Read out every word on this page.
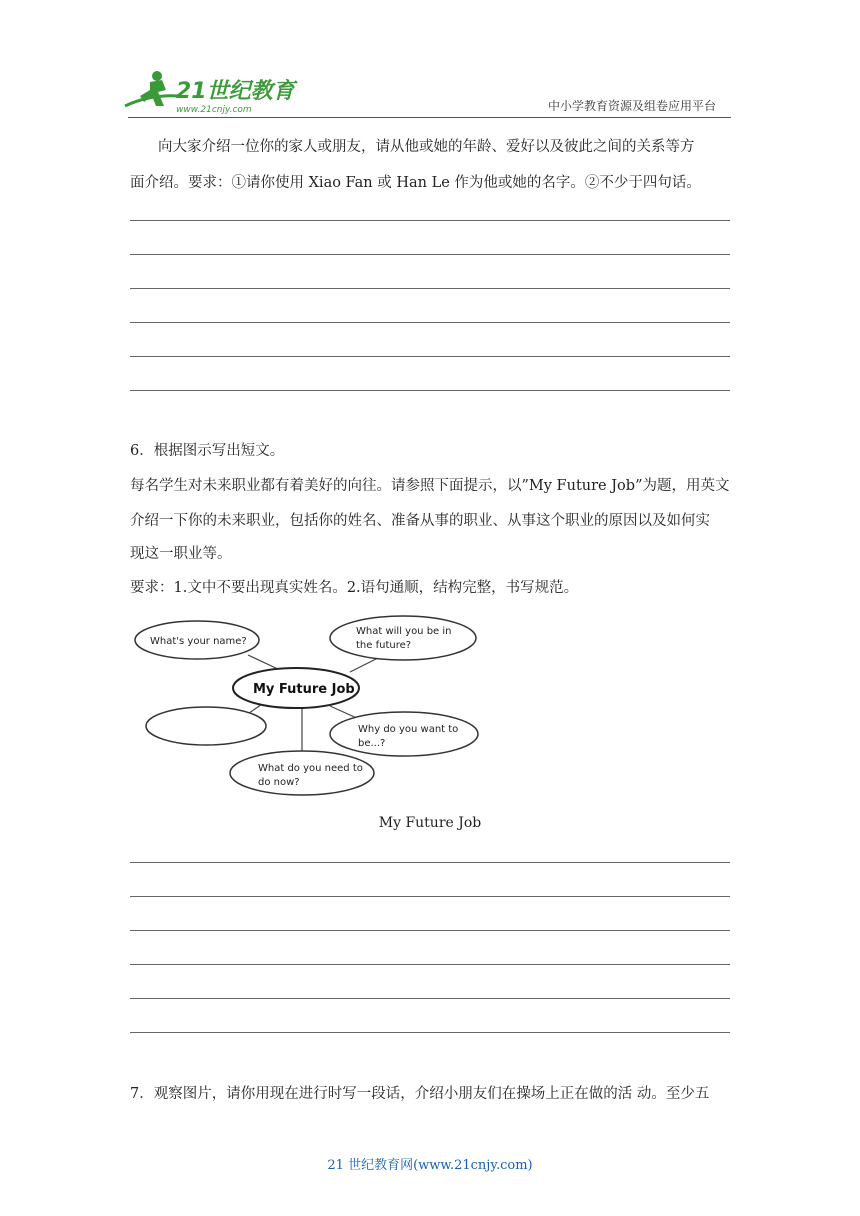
21世纪教育
www.21cnjy.com	中小学教育资源及组卷应用平台
向大家介绍一位你的家人或朋友，请从他或她的年龄、爱好以及彼此之间的关系等方
面介绍。要求：①请你使用 Xiao Fan 或 Han Le 作为他或她的名字。②不少于四句话。
6．根据图示写出短文。
每名学生对未来职业都有着美好的向往。请参照下面提示，以”My Future Job”为题，用英文
介绍一下你的未来职业，包括你的姓名、准备从事的职业、从事这个职业的原因以及如何实
现这一职业等。
要求：1.文中不要出现真实姓名。2.语句通顺，结构完整，书写规范。
What's your name?
What will you be in
the future?
My Future Job
Why do you want to
be...?
What do you need to
do now?
My Future Job
7．观察图片，请你用现在进行时写一段话，介绍小朋友们在操场上正在做的活 动。至少五
21 世纪教育网(www.21cnjy.com)
